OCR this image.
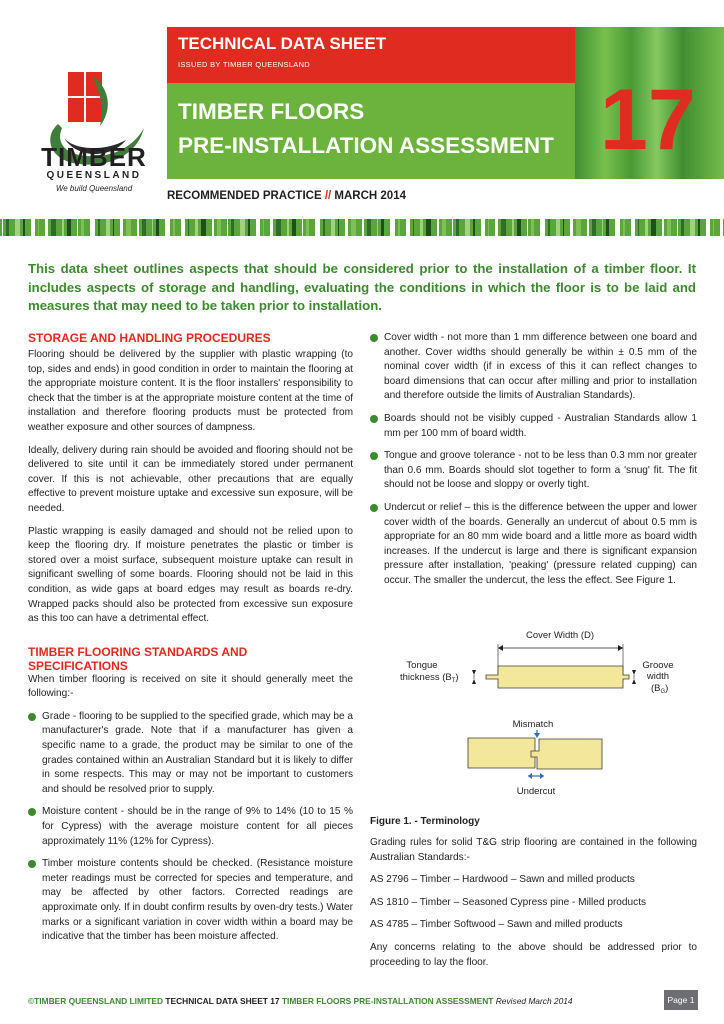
TIMBER
QUEENSLAND
We build Queensland
TECHNICAL DATA SHEET
ISSUED BY TIMBER QUEENSLAND
TIMBER FLOORS
PRE-INSTALLATION ASSESSMENT 17
RECOMMENDED PRACTICE // MARCH 2014
This data sheet outlines aspects that should be considered prior to the installation of a timber floor. It includes aspects of storage and handling, evaluating the conditions in which the floor is to be laid and measures that may need to be taken prior to installation.
STORAGE AND HANDLING PROCEDURES

Flooring should be delivered by the supplier with plastic wrapping (to top, sides and ends) in good condition in order to maintain the flooring at the appropriate moisture content. It is the floor installers' responsibility to check that the timber is at the appropriate moisture content at the time of installation and therefore flooring products must be protected from weather exposure and other sources of dampness.

Ideally, delivery during rain should be avoided and flooring should not be delivered to site until it can be immediately stored under permanent cover. If this is not achievable, other precautions that are equally effective to prevent moisture uptake and excessive sun exposure, will be needed.

Plastic wrapping is easily damaged and should not be relied upon to keep the flooring dry. If moisture penetrates the plastic or timber is stored over a moist surface, subsequent moisture uptake can result in significant swelling of some boards. Flooring should not be laid in this condition, as wide gaps at board edges may result as boards re-dry. Wrapped packs should also be protected from excessive sun exposure as this too can have a detrimental effect.

TIMBER FLOORING STANDARDS AND
SPECIFICATIONS

When timber flooring is received on site it should generally meet the following:-

Grade - flooring to be supplied to the specified grade, which may be a manufacturer's grade. Note that if a manufacturer has given a specific name to a grade, the product may be similar to one of the grades contained within an Australian Standard but it is likely to differ in some respects. This may or may not be important to customers and should be resolved prior to supply.
Moisture content - should be in the range of 9% to 14% (10 to 15 % for Cypress) with the average moisture content for all pieces approximately 11% (12% for Cypress).
Timber moisture contents should be checked. (Resistance moisture meter readings must be corrected for species and temperature, and may be affected by other factors. Corrected readings are approximate only. If in doubt confirm results by oven-dry tests.) Water marks or a significant variation in cover width within a board may be indicative that the timber has been moisture affected.
Cover width - not more than 1 mm difference between one board and another. Cover widths should generally be within ± 0.5 mm of the nominal cover width (if in excess of this it can reflect changes to board dimensions that can occur after milling and prior to installation and therefore outside the limits of Australian Standards).
Boards should not be visibly cupped - Australian Standards allow 1 mm per 100 mm of board width.
Tongue and groove tolerance - not to be less than 0.3 mm nor greater than 0.6 mm. Boards should slot together to form a 'snug' fit. The fit should not be loose and sloppy or overly tight.
Undercut or relief – this is the difference between the upper and lower cover width of the boards. Generally an undercut of about 0.5 mm is appropriate for an 80 mm wide board and a little more as board width increases. If the undercut is large and there is significant expansion pressure after installation, 'peaking' (pressure related cupping) can occur. The smaller the undercut, the less the effect. See Figure 1.
Cover Width (D)
Tongue
thickness $(B_T)$
Groove
width
$(B_G)$
Mismatch
Undercut
Figure 1. - Terminology

Grading rules for solid T&G strip flooring are contained in the following Australian Standards:-

AS 2796 – Timber – Hardwood – Sawn and milled products

AS 1810 – Timber – Seasoned Cypress pine - Milled products

AS 4785 – Timber Softwood – Sawn and milled products

Any concerns relating to the above should be addressed prior to proceeding to lay the floor.

©TIMBER QUEENSLAND LIMITED TECHNICAL DATA SHEET 17 TIMBER FLOORS PRE-INSTALLATION ASSESSMENT Revised March 2014	Page 1
